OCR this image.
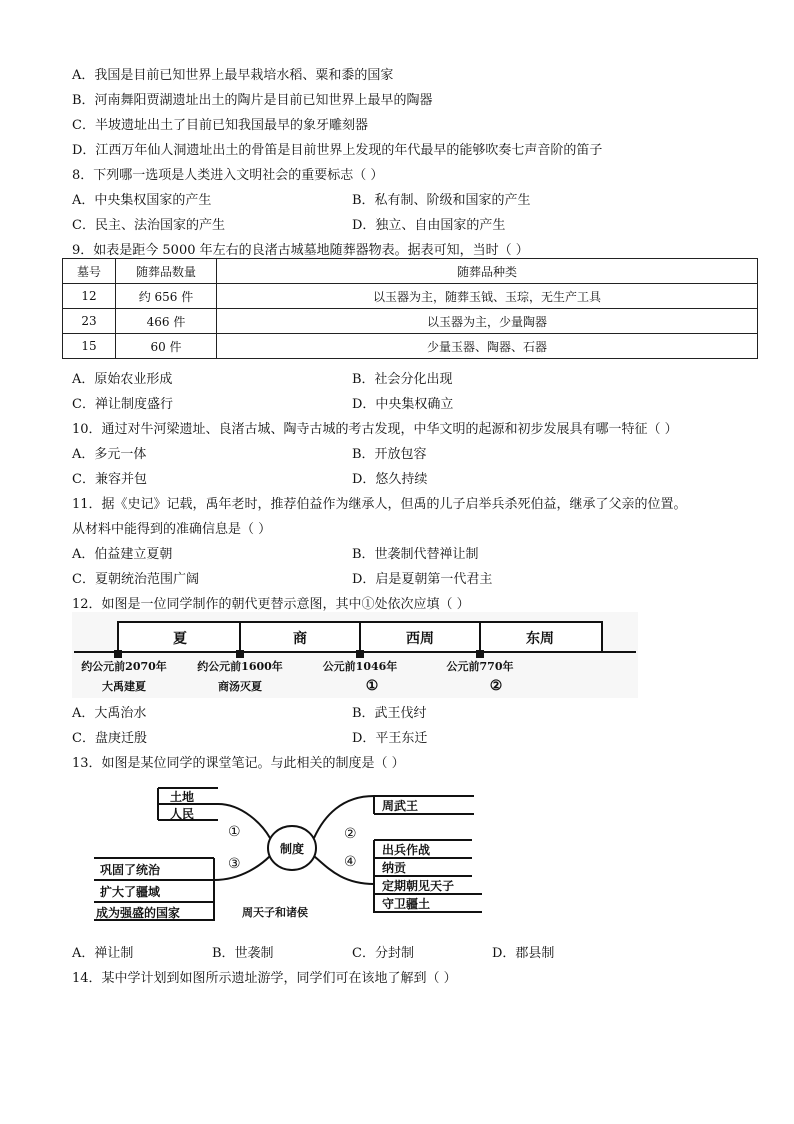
A．我国是目前已知世界上最早栽培水稻、粟和黍的国家
B．河南舞阳贾湖遗址出土的陶片是目前已知世界上最早的陶器
C．半坡遗址出土了目前已知我国最早的象牙雕刻器
D．江西万年仙人洞遗址出土的骨笛是目前世界上发现的年代最早的能够吹奏七声音阶的笛子
8．下列哪一选项是人类进入文明社会的重要标志（ ）
A．中央集权国家的产生	B．私有制、阶级和国家的产生
C．民主、法治国家的产生	D．独立、自由国家的产生
9．如表是距今 5000 年左右的良渚古城墓地随葬器物表。据表可知，当时（ ）
墓号	随葬品数量	随葬品种类
12	约 656 件	以玉器为主，随葬玉钺、玉琮，无生产工具
23	466 件	以玉器为主，少量陶器
15	60 件	少量玉器、陶器、石器
A．原始农业形成	B．社会分化出现
C．禅让制度盛行	D．中央集权确立
10．通过对牛河梁遗址、良渚古城、陶寺古城的考古发现，中华文明的起源和初步发展具有哪一特征（ ）
A．多元一体	B．开放包容
C．兼容并包	D．悠久持续
11．据《史记》记载，禹年老时，推荐伯益作为继承人，但禹的儿子启举兵杀死伯益，继承了父亲的位置。
从材料中能得到的准确信息是（ ）
A．伯益建立夏朝	B．世袭制代替禅让制
C．夏朝统治范围广阔	D．启是夏朝第一代君主
12．如图是一位同学制作的朝代更替示意图，其中①处依次应填（ ）
夏	商	西周	东周
约公元前2070年	约公元前1600年	公元前1046年	公元前770年
大禹建夏	商汤灭夏	①	②
A．大禹治水	B．武王伐纣
C．盘庚迁殷	D．平王东迁
13．如图是某位同学的课堂笔记。与此相关的制度是（ ）
土地
人民
巩固了统治
扩大了疆域
成为强盛的国家
制度
周武王
出兵作战
纳贡
定期朝见天子
守卫疆土
周天子和诸侯
①	②
③	④
A．禅让制	B．世袭制	C．分封制	D．郡县制
14．某中学计划到如图所示遗址游学，同学们可在该地了解到（ ）
